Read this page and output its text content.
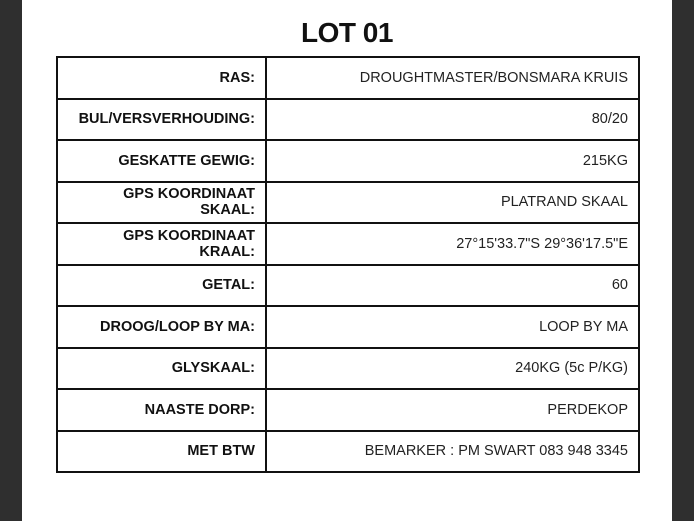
LOT 01
RAS:	DROUGHTMASTER/BONSMARA KRUIS
BUL/VERSVERHOUDING:	80/20
GESKATTE GEWIG:	215KG
GPS KOORDINAAT SKAAL:	PLATRAND SKAAL
GPS KOORDINAAT KRAAL:	27°15'33.7"S 29°36'17.5"E
GETAL:	60
DROOG/LOOP BY MA:	LOOP BY MA
GLYSKAAL:	240KG (5c P/KG)
NAASTE DORP:	PERDEKOP
MET BTW	BEMARKER : PM SWART 083 948 3345
